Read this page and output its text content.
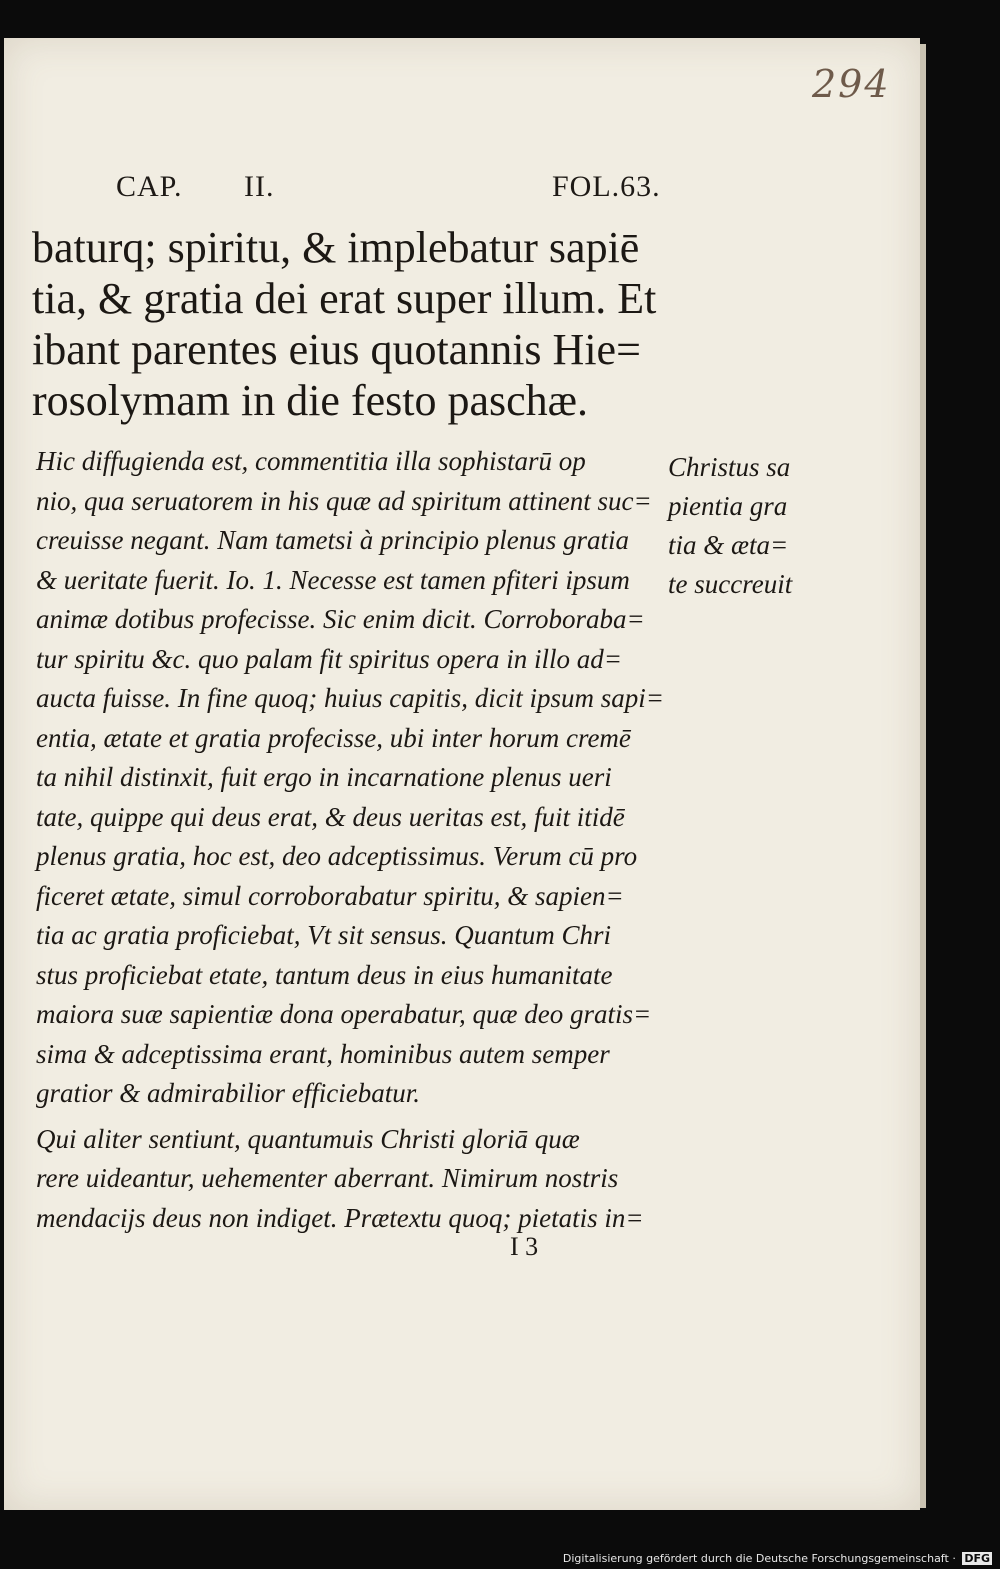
294
CAP. II.	FOL.63.
baturq; spiritu, & implebatur sapiē
tia, & gratia dei erat super illum. Et
ibant parentes eius quotannis Hie=
rosolymam in die festo paschæ.
Hic diffugienda est, commentitia illa sophistarū op
nio, qua seruatorem in his quæ ad spiritum attinent suc=
creuisse negant. Nam tametsi à principio plenus gratia
& ueritate fuerit. Io. 1. Necesse est tamen pfiteri ipsum
animæ dotibus profecisse. Sic enim dicit. Corroboraba=
tur spiritu &c. quo palam fit spiritus opera in illo ad=
aucta fuisse. In fine quoq; huius capitis, dicit ipsum sapi=
entia, ætate et gratia profecisse, ubi inter horum cremē
ta nihil distinxit, fuit ergo in incarnatione plenus ueri
tate, quippe qui deus erat, & deus ueritas est, fuit itidē
plenus gratia, hoc est, deo adceptissimus. Verum cū pro
ficeret ætate, simul corroborabatur spiritu, & sapien=
tia ac gratia proficiebat, Vt sit sensus. Quantum Chri
stus proficiebat etate, tantum deus in eius humanitate
maiora suæ sapientiæ dona operabatur, quæ deo gratis=
sima & adceptissima erant, hominibus autem semper
gratior & admirabilior efficiebatur.
Qui aliter sentiunt, quantumuis Christi gloriā quæ
rere uideantur, uehementer aberrant. Nimirum nostris
mendacijs deus non indiget. Prætextu quoq; pietatis in=
Christus sa
pientia gra
tia & æta=
te succreuit
I 3
Digitalisierung gefördert durch die Deutsche Forschungsgemeinschaft · DFG
